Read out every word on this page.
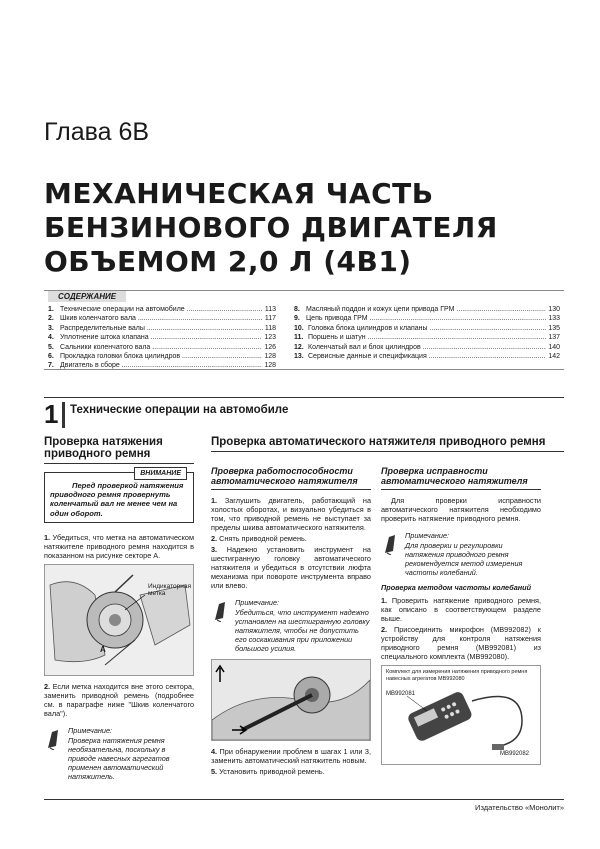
Глава 6В
МЕХАНИЧЕСКАЯ ЧАСТЬ
БЕНЗИНОВОГО ДВИГАТЕЛЯ
ОБЪЕМОМ 2,0 Л (4В1)
СОДЕРЖАНИЕ
1. Технические операции на автомобиле .....	113
2. Шкив коленчатого вала .....	117
3. Распределительные валы .....	118
4. Уплотнение штока клапана .....	123
5. Сальники коленчатого вала .....	126
6. Прокладка головки блока цилиндров .....	128
7. Двигатель в сборе .....	128
8. Масляный поддон и кожух цепи привода ГРМ .....	130
9. Цепь привода ГРМ .....	133
10. Головка блока цилиндров и клапаны .....	135
11. Поршень и шатун .....	137
12. Коленчатый вал и блок цилиндров .....	140
13. Сервисные данные и спецификация .....	142
1 Технические операции на автомобиле
Проверка натяжения приводного ремня
ВНИМАНИЕ
Перед проверкой натяжения приводного ремня провернуть коленчатый вал не менее чем на один оборот.

1. Убедиться, что метка на автоматическом натяжителе приводного ремня находится в показанном на рисунке секторе А.

Индикаторная
метка
A

2. Если метка находится вне этого сектора, заменить приводной ремень (подробнее см. в параграфе ниже "Шкив коленчатого вала").

Примечание:
Проверка натяжения ремня необязательна, поскольку в приводе навесных агрегатов применен автоматический натяжитель.
Проверка автоматического натяжителя приводного ремня
Проверка работоспособности автоматического натяжителя

1. Заглушить двигатель, работающий на холостых оборотах, и визуально убедиться в том, что приводной ремень не выступает за пределы шкива автоматического натяжителя.

2. Снять приводной ремень.

3. Надежно установить инструмент на шестигранную головку автоматического натяжителя и убедиться в отсутствии люфта механизма при повороте инструмента вправо или влево.

Примечание:
Убедиться, что инструмент надежно установлен на шестигранную головку натяжителя, чтобы не допустить его соскакивания при приложении большого усилия.

4. При обнаружении проблем в шагах 1 или 3, заменить автоматический натяжитель новым.

5. Установить приводной ремень.

Проверка исправности автоматического натяжителя

Для проверки исправности автоматического натяжителя необходимо проверить натяжение приводного ремня.

Примечание:
Для проверки и регулировки натяжения приводного ремня рекомендуется метод измерения частоты колебаний.
Проверка методом частоты колебаний

1. Проверить натяжение приводного ремня, как описано в соответствующем разделе выше.

2. Присоединить микрофон (MB992082) к устройству для контроля натяжения приводного ремня (MB992081) из специального комплекта (MB992080).

Комплект для измерения натяжения приводного ремня навесных агрегатов MB992080
MB992081
MB992082
Издательство «Монолит»
